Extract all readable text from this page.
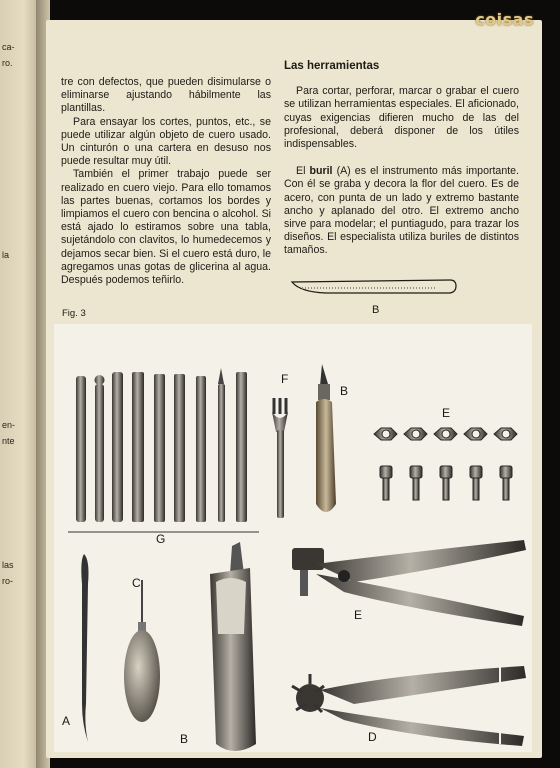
ca-
ro.
la
en-
nte
las
ro-

tre con defectos, que pueden disimularse o eliminarse ajustando hábilmente las plantillas.

Para ensayar los cortes, puntos, etc., se puede utilizar algún objeto de cuero usado. Un cinturón o una cartera en desuso nos puede resultar muy útil.

También el primer trabajo puede ser realizado en cuero viejo. Para ello tomamos las partes buenas, cortamos los bordes y limpiamos el cuero con bencina o alcohol. Si está ajado lo estiramos sobre una tabla, sujetándolo con clavitos, lo humedecemos y dejamos secar bien. Si el cuero está duro, le agregamos unas gotas de glicerina al agua. Después podemos teñirlo.

Las herramientas

Para cortar, perforar, marcar o grabar el cuero se utilizan herramientas especiales. El aficionado, cuyas exigencias difieren mucho de las del profesional, deberá disponer de los útiles indispensables.

El buril (A) es el instrumento más importante. Con él se graba y decora la flor del cuero. Es de acero, con punta de un lado y extremo bastante ancho y aplanado del otro. El extremo ancho sirve para modelar; el puntiagudo, para trazar los diseños. El especialista utiliza buriles de distintos tamaños.

B
Fig. 3
G
F
B
E
A
C
B
E
D
coisas
